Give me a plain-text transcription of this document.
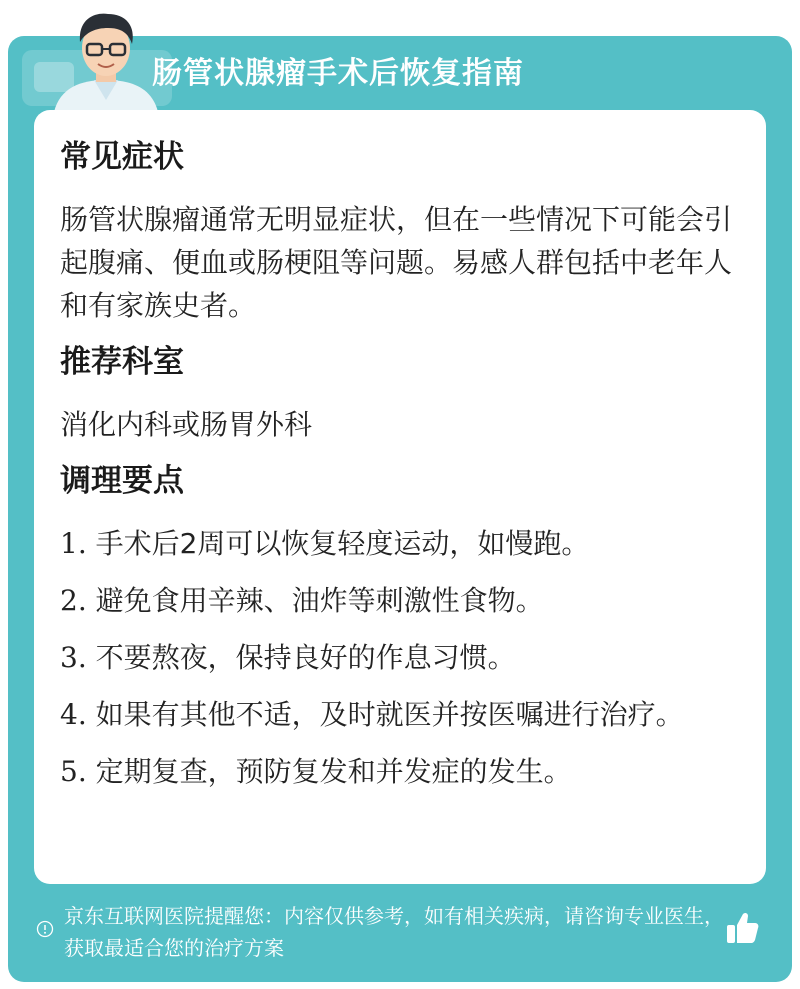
肠管状腺瘤手术后恢复指南
常见症状

肠管状腺瘤通常无明显症状，但在一些情况下可能会引起腹痛、便血或肠梗阻等问题。易感人群包括中老年人和有家族史者。

推荐科室

消化内科或肠胃外科

调理要点
1. 手术后2周可以恢复轻度运动，如慢跑。
2. 避免食用辛辣、油炸等刺激性食物。
3. 不要熬夜，保持良好的作息习惯。
4. 如果有其他不适，及时就医并按医嘱进行治疗。
5. 定期复查，预防复发和并发症的发生。
京东互联网医院提醒您：内容仅供参考，如有相关疾病，请咨询专业医生，获取最适合您的治疗方案
